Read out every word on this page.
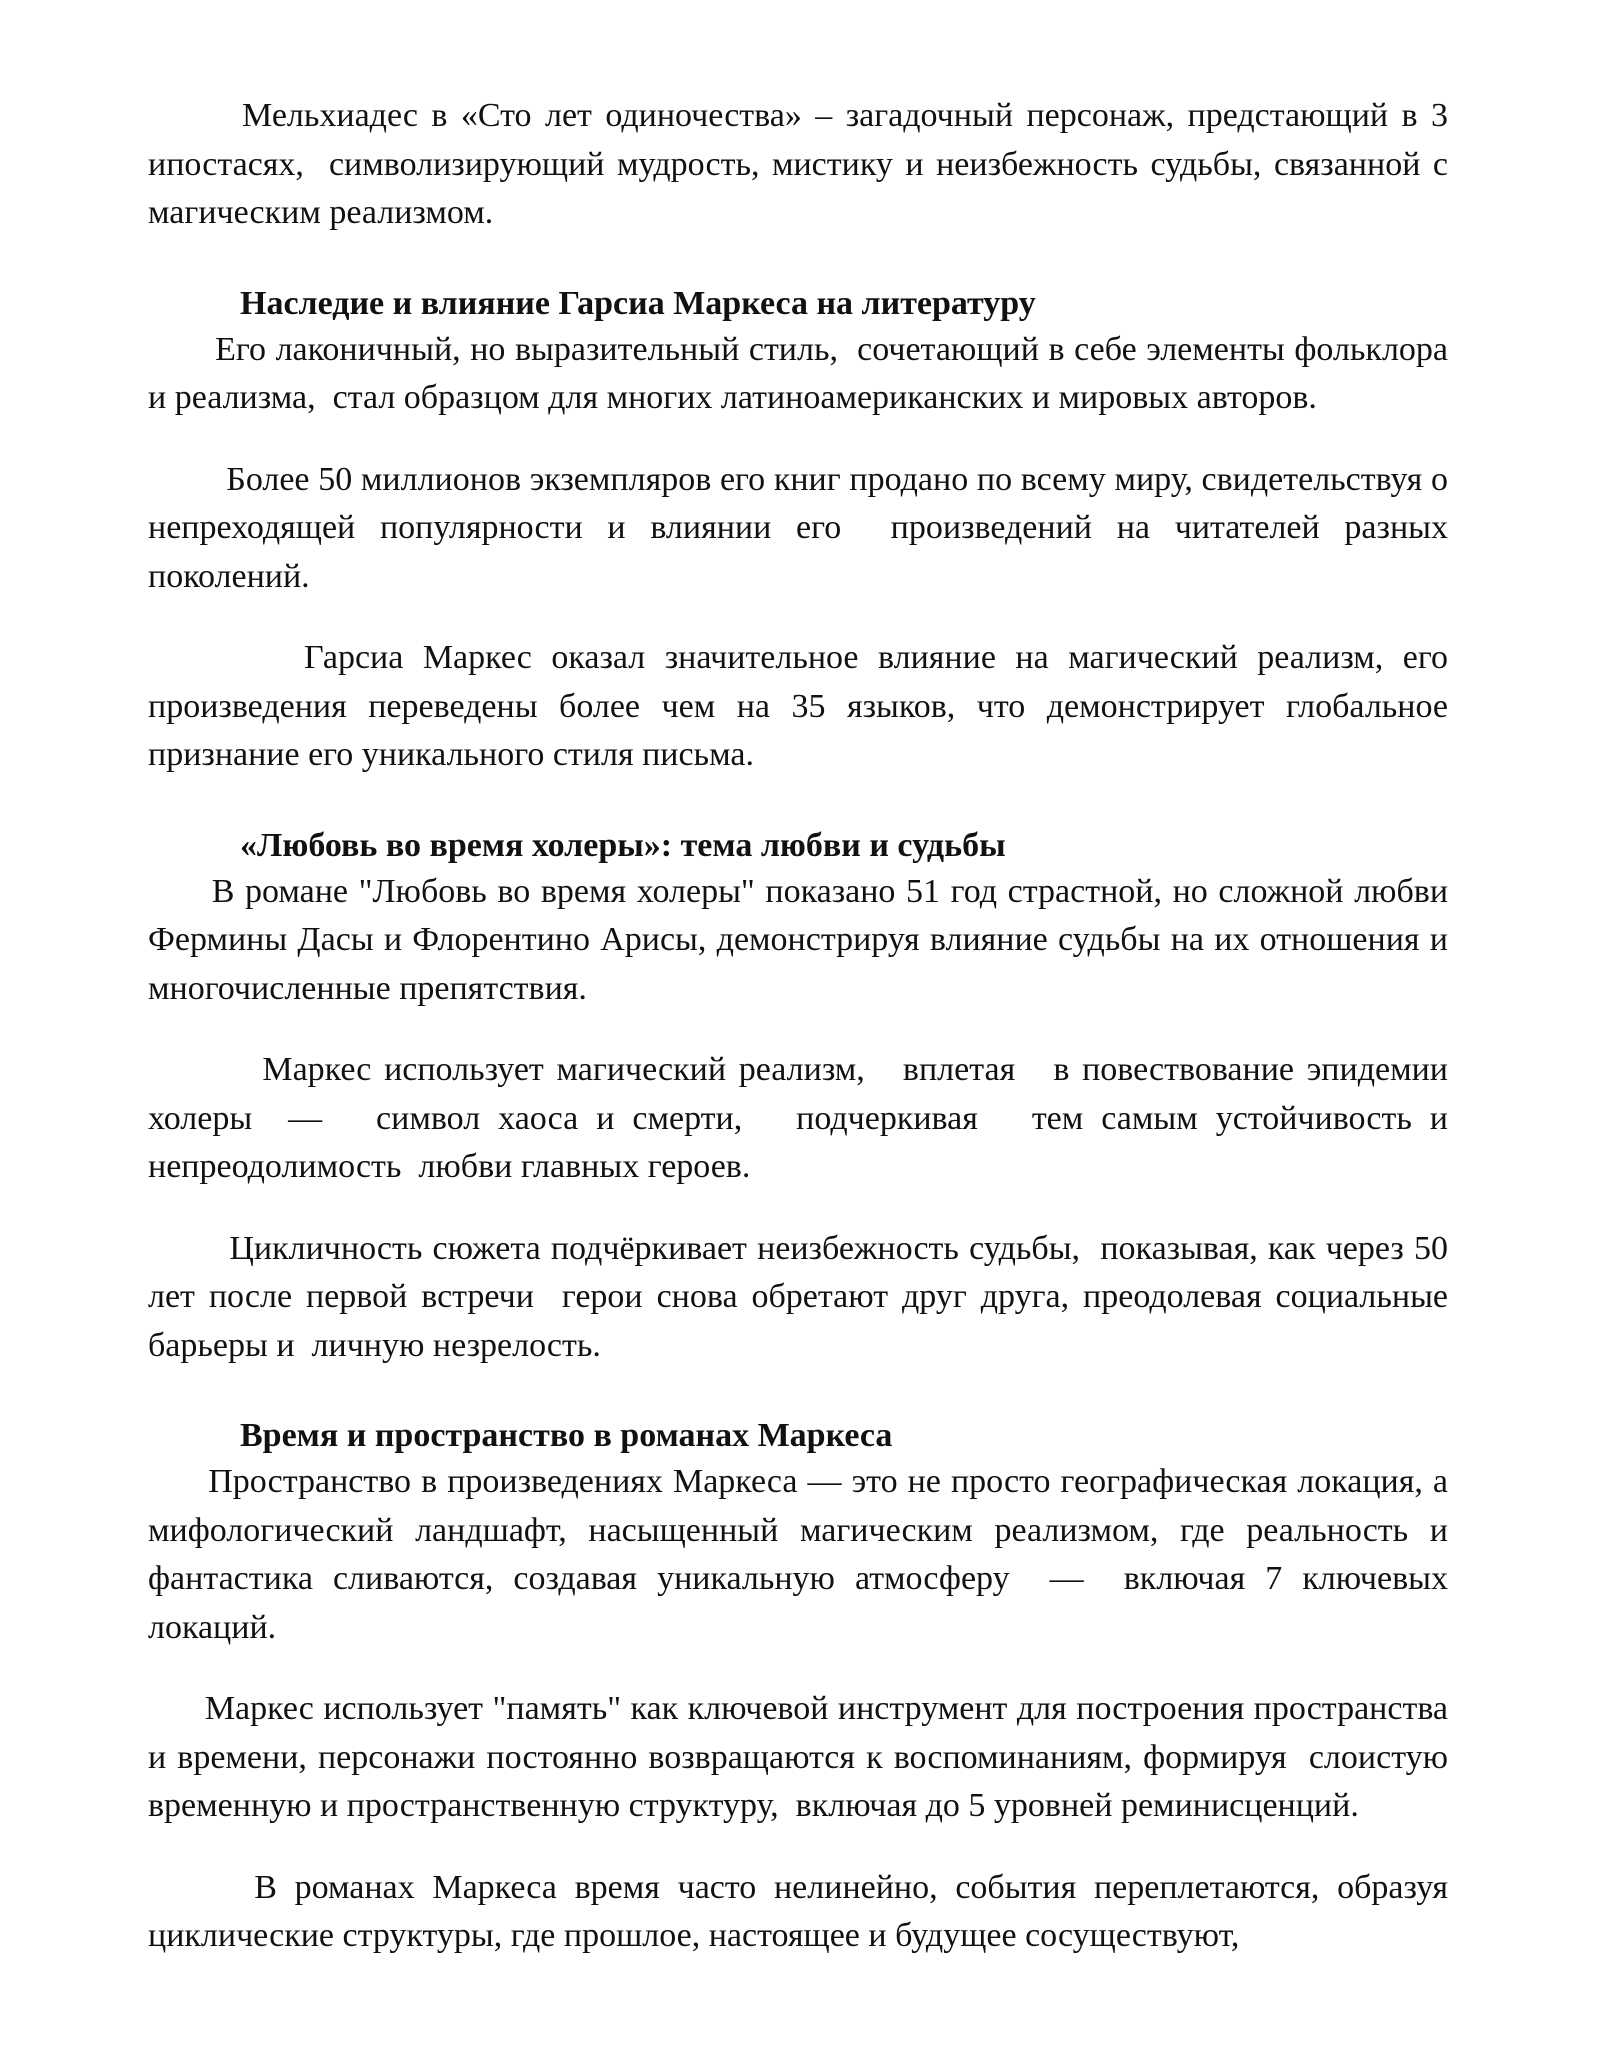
Мельхиадес в «Сто лет одиночества» – загадочный персонаж, предстающий в 3 ипостасях,  символизирующий мудрость, мистику и неизбежность судьбы, связанной с магическим реализмом.

Наследие и влияние Гарсиа Маркеса на литературу

Его лаконичный, но выразительный стиль,  сочетающий в себе элементы фольклора и реализма,  стал образцом для многих латиноамериканских и мировых авторов.

Более 50 миллионов экземпляров его книг продано по всему миру, свидетельствуя о непреходящей популярности и влиянии его  произведений на читателей разных поколений.

Гарсиа Маркес оказал значительное влияние на магический реализм, его произведения переведены более чем на 35 языков, что демонстрирует глобальное признание его уникального стиля письма.

«Любовь во время холеры»: тема любви и судьбы

В романе "Любовь во время холеры" показано 51 год страстной, но сложной любви Фермины Дасы и Флорентино Арисы, демонстрируя влияние судьбы на их отношения и многочисленные препятствия.

Маркес использует магический реализм,   вплетая   в повествование эпидемии холеры  —   символ хаоса и смерти,   подчеркивая   тем самым устойчивость и  непреодолимость  любви главных героев.

Цикличность сюжета подчёркивает неизбежность судьбы,  показывая, как через 50 лет после первой встречи  герои снова обретают друг друга, преодолевая социальные барьеры и  личную незрелость.

Время и пространство в романах Маркеса

Пространство в произведениях Маркеса — это не просто географическая локация, а мифологический ландшафт, насыщенный магическим реализмом, где реальность и фантастика сливаются, создавая уникальную атмосферу  —  включая 7 ключевых локаций.

Маркес использует "память" как ключевой инструмент для построения пространства и времени, персонажи постоянно возвращаются к воспоминаниям, формируя  слоистую временную и пространственную структуру,  включая до 5 уровней реминисценций.

В романах Маркеса время часто нелинейно, события переплетаются, образуя циклические структуры, где прошлое, настоящее и будущее сосуществуют,
